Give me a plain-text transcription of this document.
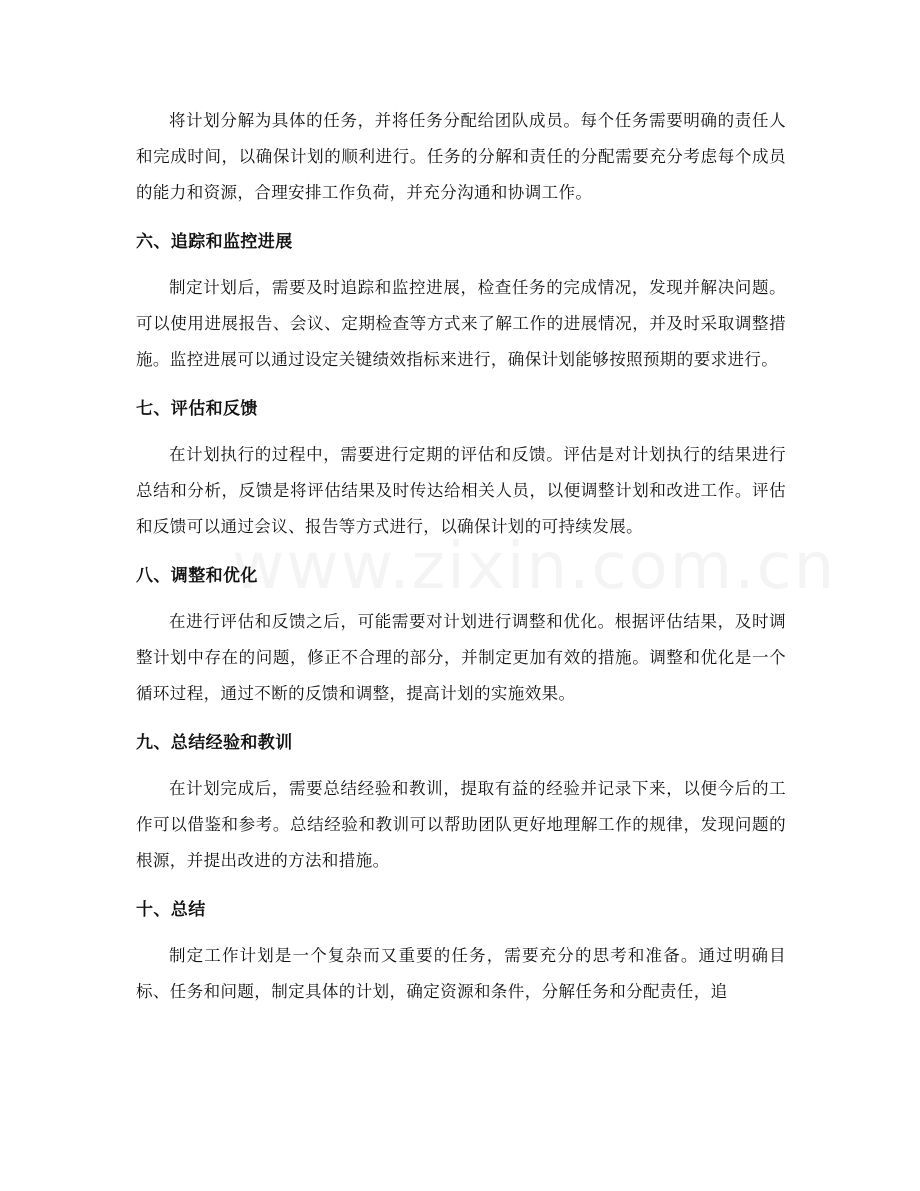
将计划分解为具体的任务，并将任务分配给团队成员。每个任务需要明确的责任人和完成时间，以确保计划的顺利进行。任务的分解和责任的分配需要充分考虑每个成员的能力和资源，合理安排工作负荷，并充分沟通和协调工作。

六、追踪和监控进展

制定计划后，需要及时追踪和监控进展，检查任务的完成情况，发现并解决问题。可以使用进展报告、会议、定期检查等方式来了解工作的进展情况，并及时采取调整措施。监控进展可以通过设定关键绩效指标来进行，确保计划能够按照预期的要求进行。

七、评估和反馈

在计划执行的过程中，需要进行定期的评估和反馈。评估是对计划执行的结果进行总结和分析，反馈是将评估结果及时传达给相关人员，以便调整计划和改进工作。评估和反馈可以通过会议、报告等方式进行，以确保计划的可持续发展。

八、调整和优化

在进行评估和反馈之后，可能需要对计划进行调整和优化。根据评估结果，及时调整计划中存在的问题，修正不合理的部分，并制定更加有效的措施。调整和优化是一个循环过程，通过不断的反馈和调整，提高计划的实施效果。

九、总结经验和教训

在计划完成后，需要总结经验和教训，提取有益的经验并记录下来，以便今后的工作可以借鉴和参考。总结经验和教训可以帮助团队更好地理解工作的规律，发现问题的根源，并提出改进的方法和措施。

十、总结

制定工作计划是一个复杂而又重要的任务，需要充分的思考和准备。通过明确目标、任务和问题，制定具体的计划，确定资源和条件，分解任务和分配责任，追
